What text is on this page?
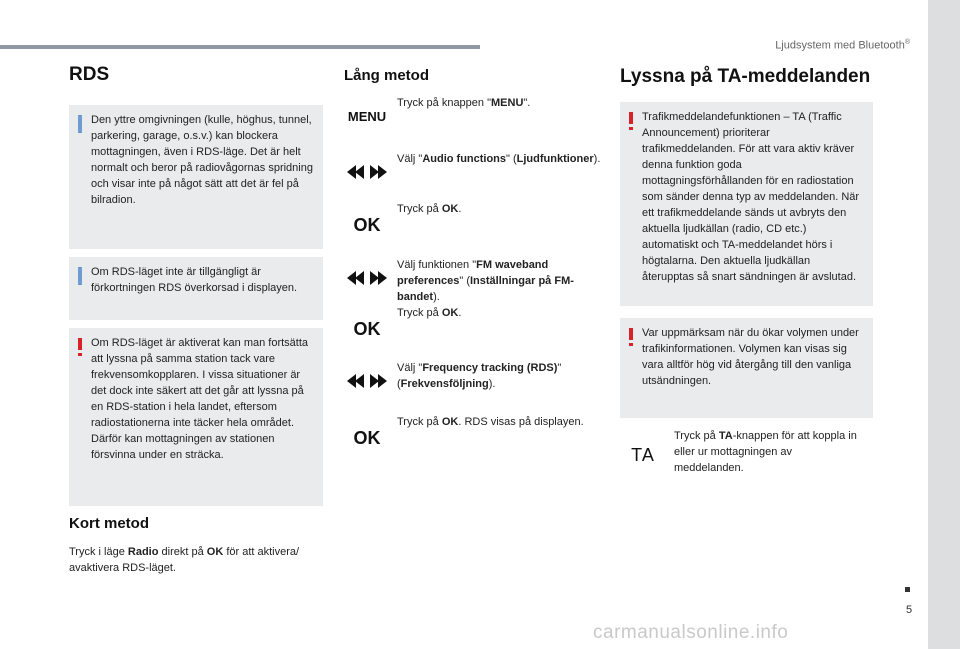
Ljudsystem med Bluetooth®
RDS

Den yttre omgivningen (kulle, höghus, tunnel, parkering, garage, o.s.v.) kan blockera mottagningen, även i RDS-läge. Det är helt normalt och beror på radiovågornas spridning och visar inte på något sätt att det är fel på bilradion.

Om RDS-läget inte är tillgängligt är förkortningen RDS överkorsad i displayen.

Om RDS-läget är aktiverat kan man fortsätta att lyssna på samma station tack vare frekvensomkopplaren. I vissa situationer är det dock inte säkert att det går att lyssna på en RDS-station i hela landet, eftersom radiostationerna inte täcker hela området. Därför kan mottagningen av stationen försvinna under en sträcka.

Kort metod
Tryck i läge Radio direkt på OK för att aktivera/ avaktivera RDS-läget.
Lång metod
MENU
Tryck på knappen "MENU".
Välj "Audio functions" (Ljudfunktioner).
OK
Tryck på OK.
Välj funktionen "FM waveband preferences" (Inställningar på FM-bandet).
OK
Tryck på OK.
Välj "Frequency tracking (RDS)" (Frekvensföljning).
OK
Tryck på OK. RDS visas på displayen.
Lyssna på TA-meddelanden

Trafikmeddelandefunktionen – TA (Traffic Announcement) prioriterar trafikmeddelanden. För att vara aktiv kräver denna funktion goda mottagningsförhållanden för en radiostation som sänder denna typ av meddelanden. När ett trafikmeddelande sänds ut avbryts den aktuella ljudkällan (radio, CD etc.) automatiskt och TA-meddelandet hörs i högtalarna. Den aktuella ljudkällan återupptas så snart sändningen är avslutad.

Var uppmärksam när du ökar volymen under trafikinformationen. Volymen kan visas sig vara alltför hög vid återgång till den vanliga utsändningen.

TA
Tryck på TA-knappen för att koppla in eller ur mottagningen av meddelanden.
5
carmanualsonline.info
